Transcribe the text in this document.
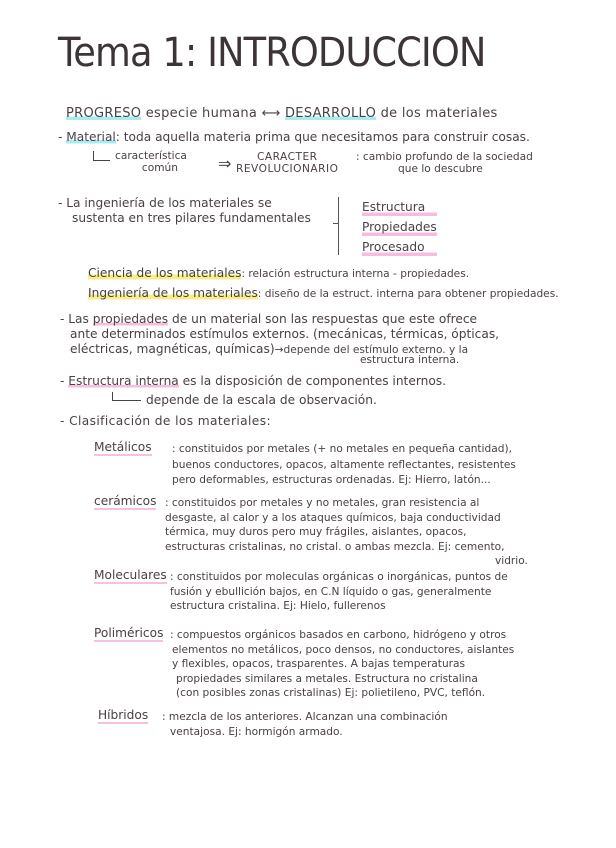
Tema 1: INTRODUCCION
PROGRESO especie humana ⟷ DESARROLLO de los materiales
- Material: toda aquella materia prima que necesitamos para construir cosas.
característica
común	⇒	CARACTER
REVOLUCIONARIO
: cambio profundo de la sociedad
que lo descubre
- La ingeniería de los materiales se
sustenta en tres pilares fundamentales
Estructura
Propiedades
Procesado
Ciencia de los materiales: relación estructura interna - propiedades.
Ingeniería de los materiales: diseño de la estruct. interna para obtener propiedades.
- Las propiedades de un material son las respuestas que este ofrece
ante determinados estímulos externos. (mecánicas, térmicas, ópticas,
eléctricas, magnéticas, químicas)→depende del estímulo externo. y la
estructura interna.
- Estructura interna es la disposición de componentes internos.
depende de la escala de observación.
- Clasificación de los materiales:
Metálicos : constituidos por metales (+ no metales en pequeña cantidad),
buenos conductores, opacos, altamente reflectantes, resistentes
pero deformables, estructuras ordenadas. Ej: Hierro, latón...
cerámicos : constituidos por metales y no metales, gran resistencia al
desgaste, al calor y a los ataques químicos, baja conductividad
térmica, muy duros pero muy frágiles, aislantes, opacos,
estructuras cristalinas, no cristal. o ambas mezcla. Ej: cemento,
vidrio.
Moleculares : constituidos por moleculas orgánicas o inorgánicas, puntos de
fusión y ebullición bajos, en C.N líquido o gas, generalmente
estructura cristalina. Ej: Hielo, fullerenos
Poliméricos : compuestos orgánicos basados en carbono, hidrógeno y otros
elementos no metálicos, poco densos, no conductores, aislantes
y flexibles, opacos, trasparentes. A bajas temperaturas
propiedades similares a metales. Estructura no cristalina
(con posibles zonas cristalinas) Ej: polietileno, PVC, teflón.
Híbridos : mezcla de los anteriores. Alcanzan una combinación
ventajosa. Ej: hormigón armado.
